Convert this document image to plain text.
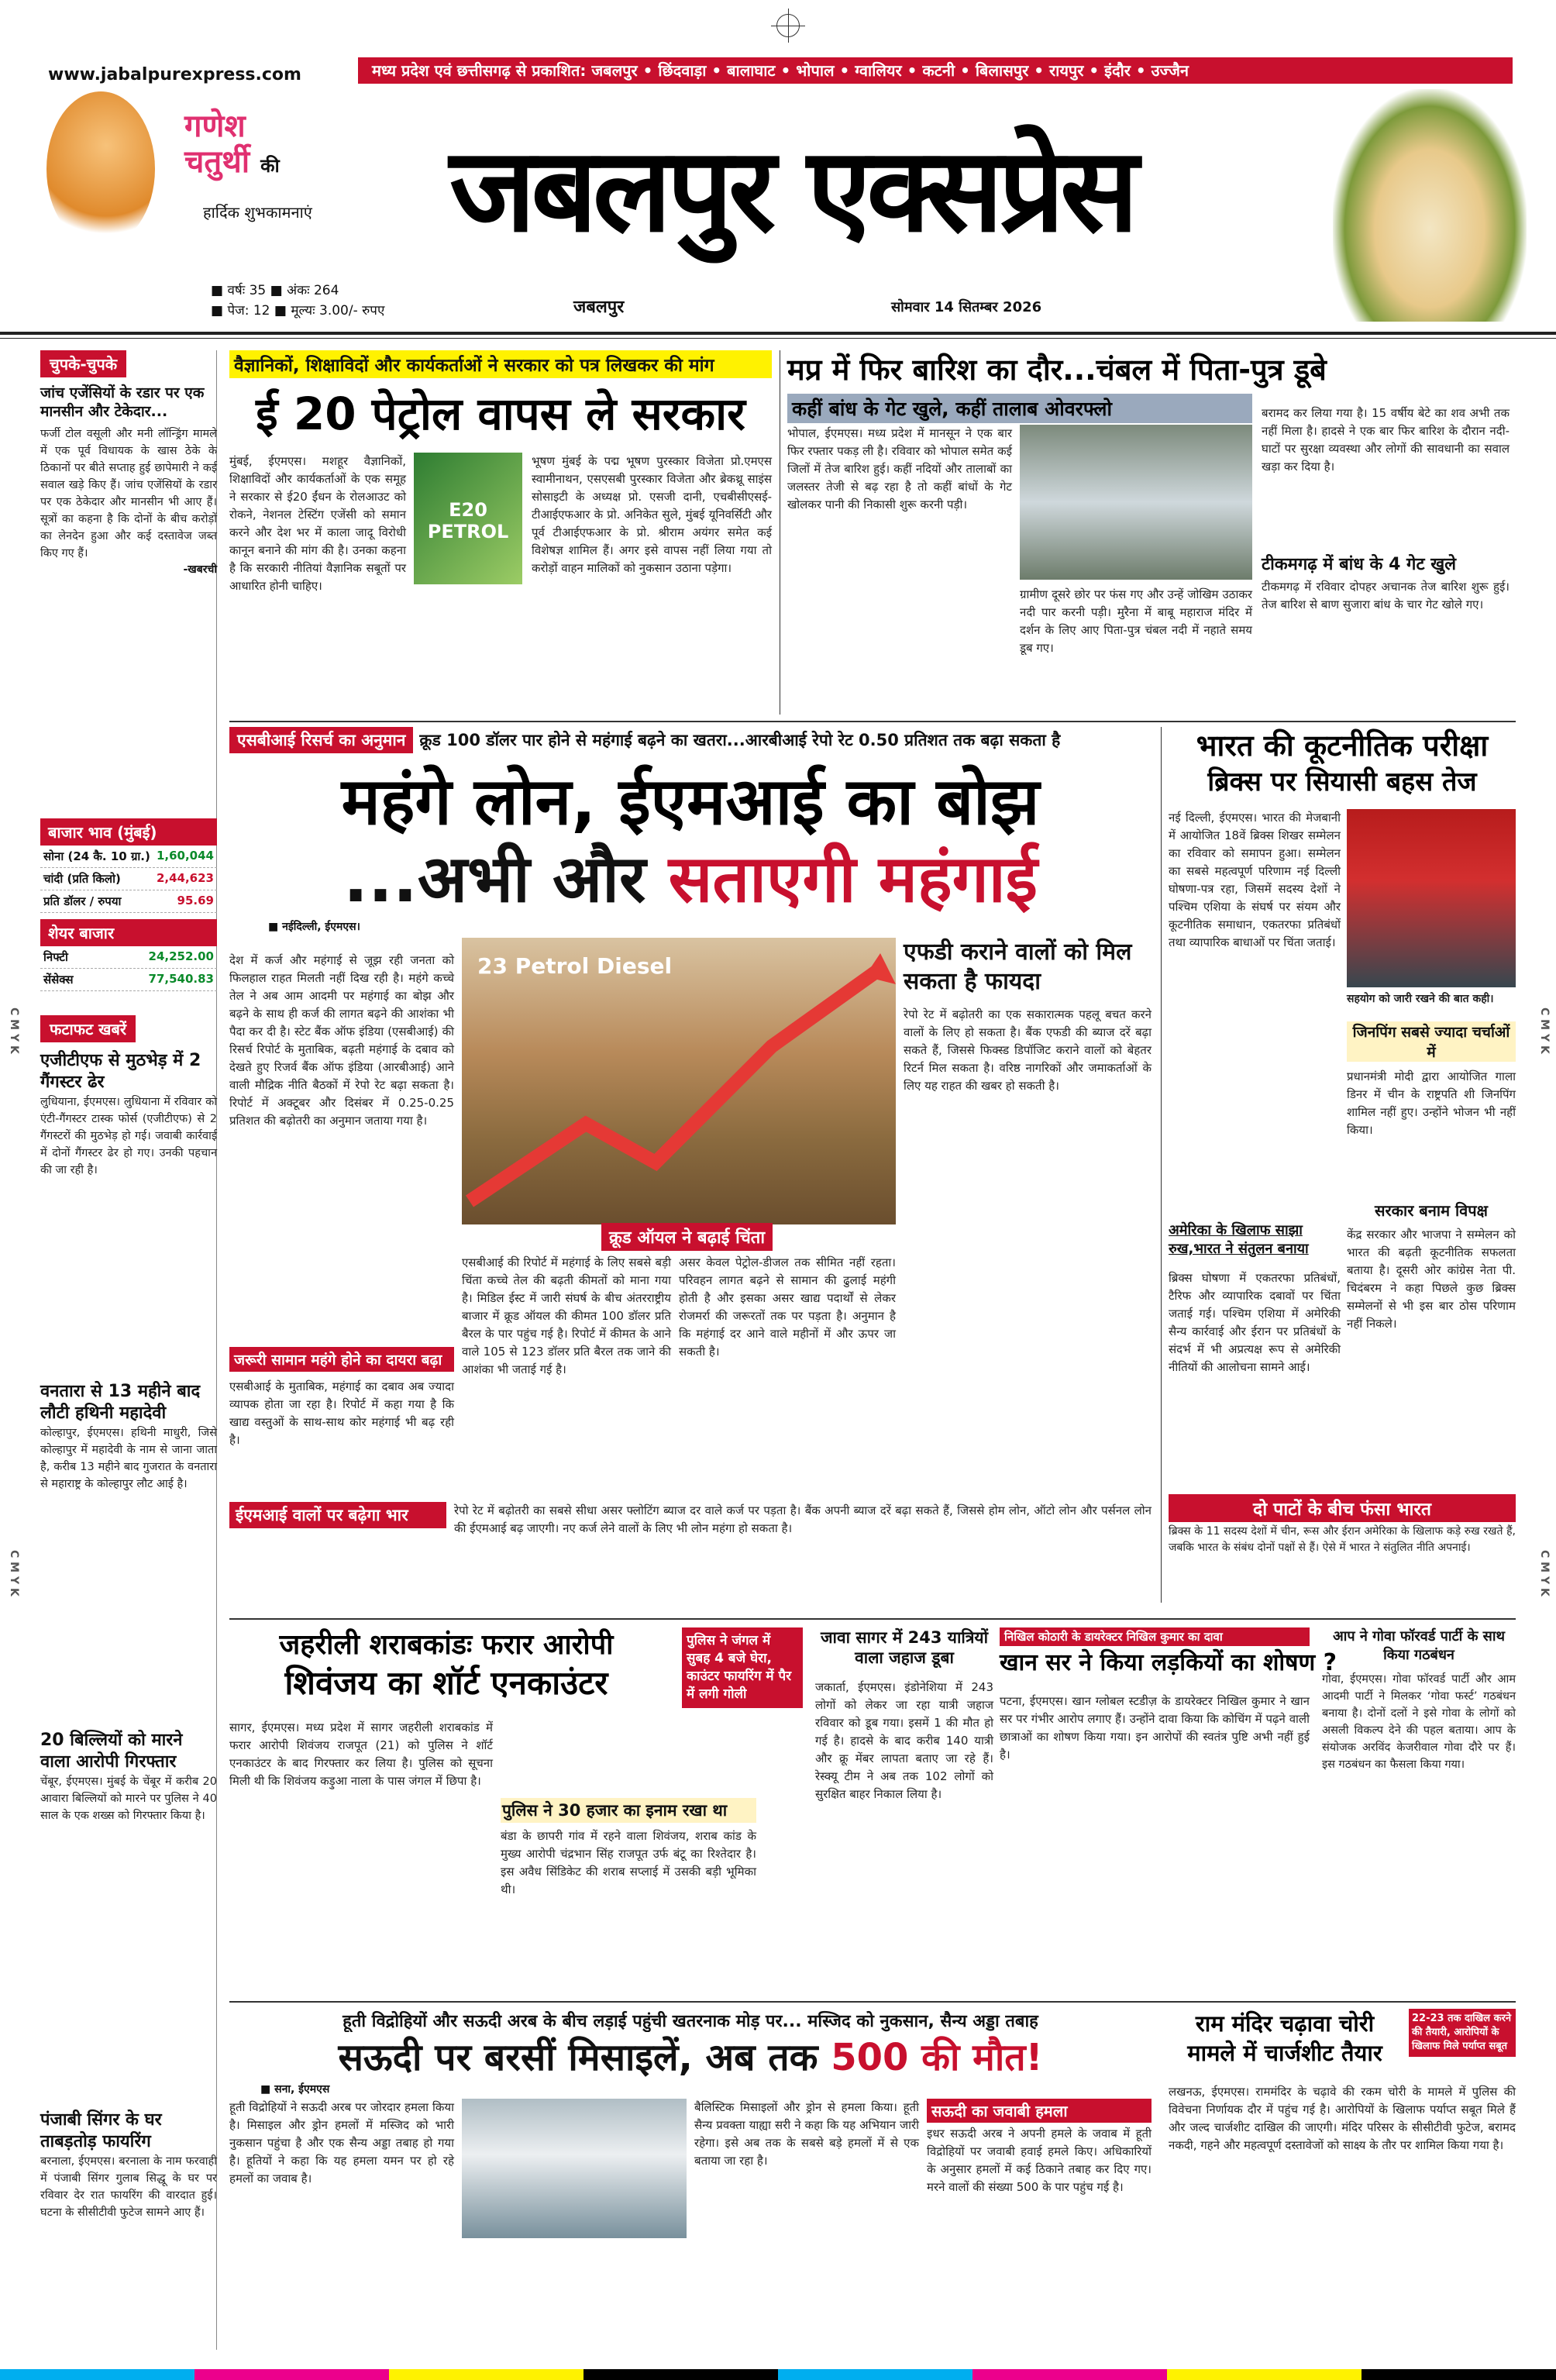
C M Y K
C M Y K
C M Y K
C M Y K
www.jabalpurexpress.com	मध्य प्रदेश एवं छत्तीसगढ़ से प्रकाशित: जबलपुर • छिंदवाड़ा • बालाघाट • भोपाल • ग्वालियर • कटनी • बिलासपुर • रायपुर • इंदौर • उज्जैन
गणेश
चतुर्थी की
हार्दिक शुभकामनाएं
■ वर्षः 35 ■ अंकः 264
■ पेज: 12 ■ मूल्यः 3.00/- रुपए
जबलपुर एक्सप्रेस
जबलपुर	सोमवार 14 सितम्बर 2026
चुपके-चुपके
जांच एजेंसियों के रडार पर एक मानसीन और टेकेदार...
फर्जी टोल वसूली और मनी लॉन्ड्रिंग मामले में एक पूर्व विधायक के खास ठेके के ठिकानों पर बीते सप्ताह हुई छापेमारी ने कई सवाल खड़े किए हैं। जांच एजेंसियों के रडार पर एक ठेकेदार और मानसीन भी आए हैं। सूत्रों का कहना है कि दोनों के बीच करोड़ों का लेनदेन हुआ और कई दस्तावेज जब्त किए गए हैं।
-खबरची
बाजार भाव (मुंबई)
सोना (24 कै. 10 ग्रा.) 1,60,044
चांदी (प्रति किलो)	2,44,623
प्रति डॉलर / रुपया	95.69
शेयर बाजार
निफ्टी	24,252.00
सेंसेक्स	77,540.83
फटाफट खबरें
एजीटीएफ से मुठभेड़ में 2 गैंगस्टर ढेर
लुधियाना, ईएमएस। लुधियाना में रविवार को एंटी-गैंगस्टर टास्क फोर्स (एजीटीएफ) से 2 गैंगस्टरों की मुठभेड़ हो गई। जवाबी कार्रवाई में दोनों गैंगस्टर ढेर हो गए। उनकी पहचान की जा रही है।
वनतारा से 13 महीने बाद लौटी हथिनी महादेवी
कोल्हापुर, ईएमएस। हथिनी माधुरी, जिसे कोल्हापुर में महादेवी के नाम से जाना जाता है, करीब 13 महीने बाद गुजरात के वनतारा से महाराष्ट्र के कोल्हापुर लौट आई है।
20 बिल्लियों को मारने वाला आरोपी गिरफ्तार
चेंबूर, ईएमएस। मुंबई के चेंबूर में करीब 20 आवारा बिल्लियों को मारने पर पुलिस ने 40 साल के एक शख्स को गिरफ्तार किया है।
पंजाबी सिंगर के घर ताबड़तोड़ फायरिंग
बरनाला, ईएमएस। बरनाला के नाम फरवाही में पंजाबी सिंगर गुलाब सिद्धू के घर पर रविवार देर रात फायरिंग की वारदात हुई। घटना के सीसीटीवी फुटेज सामने आए हैं।
वैज्ञानिकों, शिक्षाविदों और कार्यकर्ताओं ने सरकार को पत्र लिखकर की मांग
ई 20 पेट्रोल वापस ले सरकार
E20 PETROL
मुंबई, ईएमएस। मशहूर वैज्ञानिकों, शिक्षाविदों और कार्यकर्ताओं के एक समूह ने सरकार से ई20 ईंधन के रोलआउट को रोकने, नेशनल टेस्टिंग एजेंसी को समान करने और देश भर में काला जादू विरोधी कानून बनाने की मांग की है। उनका कहना है कि सरकारी नीतियां वैज्ञानिक सबूतों पर आधारित होनी चाहिए।
भूषण मुंबई के पद्म भूषण पुरस्कार विजेता प्रो.एमएस स्वामीनाथन, एसएसबी पुरस्कार विजेता और ब्रेकथ्रू साइंस सोसाइटी के अध्यक्ष प्रो. एसजी दानी, एचबीसीएसई-टीआईएफआर के प्रो. अनिकेत सुले, मुंबई यूनिवर्सिटी और पूर्व टीआईएफआर के प्रो. श्रीराम अयंगर समेत कई विशेषज्ञ शामिल हैं। अगर इसे वापस नहीं लिया गया तो करोड़ों वाहन मालिकों को नुकसान उठाना पड़ेगा।
मप्र में फिर बारिश का दौर...चंबल में पिता-पुत्र डूबे
कहीं बांध के गेट खुले, कहीं तालाब ओवरफ्लो
भोपाल, ईएमएस। मध्य प्रदेश में मानसून ने एक बार फिर रफ्तार पकड़ ली है। रविवार को भोपाल समेत कई जिलों में तेज बारिश हुई। कहीं नदियों और तालाबों का जलस्तर तेजी से बढ़ रहा है तो कहीं बांधों के गेट खोलकर पानी की निकासी शुरू करनी पड़ी।
ग्रामीण दूसरे छोर पर फंस गए और उन्हें जोखिम उठाकर नदी पार करनी पड़ी। मुरैना में बाबू महाराज मंदिर में दर्शन के लिए आए पिता-पुत्र चंबल नदी में नहाते समय डूब गए।
बरामद कर लिया गया है। 15 वर्षीय बेटे का शव अभी तक नहीं मिला है। हादसे ने एक बार फिर बारिश के दौरान नदी-घाटों पर सुरक्षा व्यवस्था और लोगों की सावधानी का सवाल खड़ा कर दिया है।
टीकमगढ़ में बांध के 4 गेट खुले
टीकमगढ़ में रविवार दोपहर अचानक तेज बारिश शुरू हुई। तेज बारिश से बाण सुजारा बांध के चार गेट खोले गए।
एसबीआई रिसर्च का अनुमान क्रूड 100 डॉलर पार होने से महंगाई बढ़ने का खतरा...आरबीआई रेपो रेट 0.50 प्रतिशत तक बढ़ा सकता है
महंगे लोन, ईएमआई का बोझ
...अभी और सताएगी महंगाई
■ नईदिल्ली, ईएमएस।
23 Petrol Diesel
देश में कर्ज और महंगाई से जूझ रही जनता को फिलहाल राहत मिलती नहीं दिख रही है। महंगे कच्चे तेल ने अब आम आदमी पर महंगाई का बोझ और बढ़ने के साथ ही कर्ज की लागत बढ़ने की आशंका भी पैदा कर दी है। स्टेट बैंक ऑफ इंडिया (एसबीआई) की रिसर्च रिपोर्ट के मुताबिक, बढ़ती महंगाई के दबाव को देखते हुए रिजर्व बैंक ऑफ इंडिया (आरबीआई) आने वाली मौद्रिक नीति बैठकों में रेपो रेट बढ़ा सकता है। रिपोर्ट में अक्टूबर और दिसंबर में 0.25-0.25 प्रतिशत की बढ़ोतरी का अनुमान जताया गया है।
जरूरी सामान महंगे होने का दायरा बढ़ा
एसबीआई के मुताबिक, महंगाई का दबाव अब ज्यादा व्यापक होता जा रहा है। रिपोर्ट में कहा गया है कि खाद्य वस्तुओं के साथ-साथ कोर महंगाई भी बढ़ रही है।
क्रूड ऑयल ने बढ़ाई चिंता
एसबीआई की रिपोर्ट में महंगाई के लिए सबसे बड़ी चिंता कच्चे तेल की बढ़ती कीमतों को माना गया है। मिडिल ईस्ट में जारी संघर्ष के बीच अंतरराष्ट्रीय बाजार में क्रूड ऑयल की कीमत 100 डॉलर प्रति बैरल के पार पहुंच गई है। रिपोर्ट में कीमत के आने वाले 105 से 123 डॉलर प्रति बैरल तक जाने की आशंका भी जताई गई है।
असर केवल पेट्रोल-डीजल तक सीमित नहीं रहता। परिवहन लागत बढ़ने से सामान की ढुलाई महंगी होती है और इसका असर खाद्य पदार्थों से लेकर रोजमर्रा की जरूरतों तक पर पड़ता है। अनुमान है कि महंगाई दर आने वाले महीनों में और ऊपर जा सकती है।
एफडी कराने वालों को मिल सकता है फायदा
रेपो रेट में बढ़ोतरी का एक सकारात्मक पहलू बचत करने वालों के लिए हो सकता है। बैंक एफडी की ब्याज दरें बढ़ा सकते हैं, जिससे फिक्स्ड डिपॉजिट कराने वालों को बेहतर रिटर्न मिल सकता है। वरिष्ठ नागरिकों और जमाकर्ताओं के लिए यह राहत की खबर हो सकती है।
ईएमआई वालों पर बढ़ेगा भार	रेपो रेट में बढ़ोतरी का सबसे सीधा असर फ्लोटिंग ब्याज दर वाले कर्ज पर पड़ता है। बैंक अपनी ब्याज दरें बढ़ा सकते हैं, जिससे होम लोन, ऑटो लोन और पर्सनल लोन की ईएमआई बढ़ जाएगी। नए कर्ज लेने वालों के लिए भी लोन महंगा हो सकता है।
भारत की कूटनीतिक परीक्षा
ब्रिक्स पर सियासी बहस तेज
नई दिल्ली, ईएमएस। भारत की मेजबानी में आयोजित 18वें ब्रिक्स शिखर सम्मेलन का रविवार को समापन हुआ। सम्मेलन का सबसे महत्वपूर्ण परिणाम नई दिल्ली घोषणा-पत्र रहा, जिसमें सदस्य देशों ने पश्चिम एशिया के संघर्ष पर संयम और कूटनीतिक समाधान, एकतरफा प्रतिबंधों तथा व्यापारिक बाधाओं पर चिंता जताई।
सहयोग को जारी रखने की बात कही।
जिनपिंग सबसे ज्यादा चर्चाओं में
प्रधानमंत्री मोदी द्वारा आयोजित गाला डिनर में चीन के राष्ट्रपति शी जिनपिंग शामिल नहीं हुए। उन्होंने भोजन भी नहीं किया।
अमेरिका के खिलाफ साझा रुख,भारत ने संतुलन बनाया
ब्रिक्स घोषणा में एकतरफा प्रतिबंधों, टैरिफ और व्यापारिक दबावों पर चिंता जताई गई। पश्चिम एशिया में अमेरिकी सैन्य कार्रवाई और ईरान पर प्रतिबंधों के संदर्भ में भी अप्रत्यक्ष रूप से अमेरिकी नीतियों की आलोचना सामने आई।
सरकार बनाम विपक्ष
केंद्र सरकार और भाजपा ने सम्मेलन को भारत की बढ़ती कूटनीतिक सफलता बताया है। दूसरी ओर कांग्रेस नेता पी. चिदंबरम ने कहा पिछले कुछ ब्रिक्स सम्मेलनों से भी इस बार ठोस परिणाम नहीं निकले।
दो पाटों के बीच फंसा भारत
ब्रिक्स के 11 सदस्य देशों में चीन, रूस और ईरान अमेरिका के खिलाफ कड़े रुख रखते हैं, जबकि भारत के संबंध दोनों पक्षों से हैं। ऐसे में भारत ने संतुलित नीति अपनाई।
जहरीली शराबकांडः फरार आरोपी
शिवंजय का शॉर्ट एनकाउंटर
पुलिस ने जंगल में सुबह 4 बजे घेरा, काउंटर फायरिंग में पैर में लगी गोली
सागर, ईएमएस। मध्य प्रदेश में सागर जहरीली शराबकांड में फरार आरोपी शिवंजय राजपूत (21) को पुलिस ने शॉर्ट एनकाउंटर के बाद गिरफ्तार कर लिया है। पुलिस को सूचना मिली थी कि शिवंजय कड़ुआ नाला के पास जंगल में छिपा है।
पुलिस ने 30 हजार का इनाम रखा था
बंडा के छापरी गांव में रहने वाला शिवंजय, शराब कांड के मुख्य आरोपी चंद्रभान सिंह राजपूत उर्फ बंटू का रिश्तेदार है। इस अवैध सिंडिकेट की शराब सप्लाई में उसकी बड़ी भूमिका थी।
जावा सागर में 243 यात्रियों वाला जहाज डूबा
जकार्ता, ईएमएस। इंडोनेशिया में 243 लोगों को लेकर जा रहा यात्री जहाज रविवार को डूब गया। इसमें 1 की मौत हो गई है। हादसे के बाद करीब 140 यात्री और क्रू मेंबर लापता बताए जा रहे हैं। रेस्क्यू टीम ने अब तक 102 लोगों को सुरक्षित बाहर निकाल लिया है।
निखिल कोठारी के डायरेक्टर निखिल कुमार का दावा
खान सर ने किया लड़कियों का शोषण ?
पटना, ईएमएस। खान ग्लोबल स्टडीज़ के डायरेक्टर निखिल कुमार ने खान सर पर गंभीर आरोप लगाए हैं। उन्होंने दावा किया कि कोचिंग में पढ़ने वाली छात्राओं का शोषण किया गया। इन आरोपों की स्वतंत्र पुष्टि अभी नहीं हुई है।
आप ने गोवा फॉरवर्ड पार्टी के साथ किया गठबंधन
गोवा, ईएमएस। गोवा फॉरवर्ड पार्टी और आम आदमी पार्टी ने मिलकर ‘गोवा फर्स्ट’ गठबंधन बनाया है। दोनों दलों ने इसे गोवा के लोगों को असली विकल्प देने की पहल बताया। आप के संयोजक अरविंद केजरीवाल गोवा दौरे पर हैं। इस गठबंधन का फैसला किया गया।
हूती विद्रोहियों और सऊदी अरब के बीच लड़ाई पहुंची खतरनाक मोड़ पर... मस्जिद को नुकसान, सैन्य अड्डा तबाह
सऊदी पर बरसीं मिसाइलें, अब तक 500 की मौत!
■ सना, ईएमएस
हूती विद्रोहियों ने सऊदी अरब पर जोरदार हमला किया है। मिसाइल और ड्रोन हमलों में मस्जिद को भारी नुकसान पहुंचा है और एक सैन्य अड्डा तबाह हो गया है। हूतियों ने कहा कि यह हमला यमन पर हो रहे हमलों का जवाब है।
बैलिस्टिक मिसाइलों और ड्रोन से हमला किया। हूती सैन्य प्रवक्ता याह्या सरी ने कहा कि यह अभियान जारी रहेगा। इसे अब तक के सबसे बड़े हमलों में से एक बताया जा रहा है।
सऊदी का जवाबी हमला
इधर सऊदी अरब ने अपनी हमले के जवाब में हूती विद्रोहियों पर जवाबी हवाई हमले किए। अधिकारियों के अनुसार हमलों में कई ठिकाने तबाह कर दिए गए। मरने वालों की संख्या 500 के पार पहुंच गई है।
राम मंदिर चढ़ावा चोरी
मामले में चार्जशीट तैयार
22-23 तक दाखिल करने की तैयारी, आरोपियों के खिलाफ मिले पर्याप्त सबूत
लखनऊ, ईएमएस। राममंदिर के चढ़ावे की रकम चोरी के मामले में पुलिस की विवेचना निर्णायक दौर में पहुंच गई है। आरोपियों के खिलाफ पर्याप्त सबूत मिले हैं और जल्द चार्जशीट दाखिल की जाएगी। मंदिर परिसर के सीसीटीवी फुटेज, बरामद नकदी, गहने और महत्वपूर्ण दस्तावेजों को साक्ष्य के तौर पर शामिल किया गया है।
